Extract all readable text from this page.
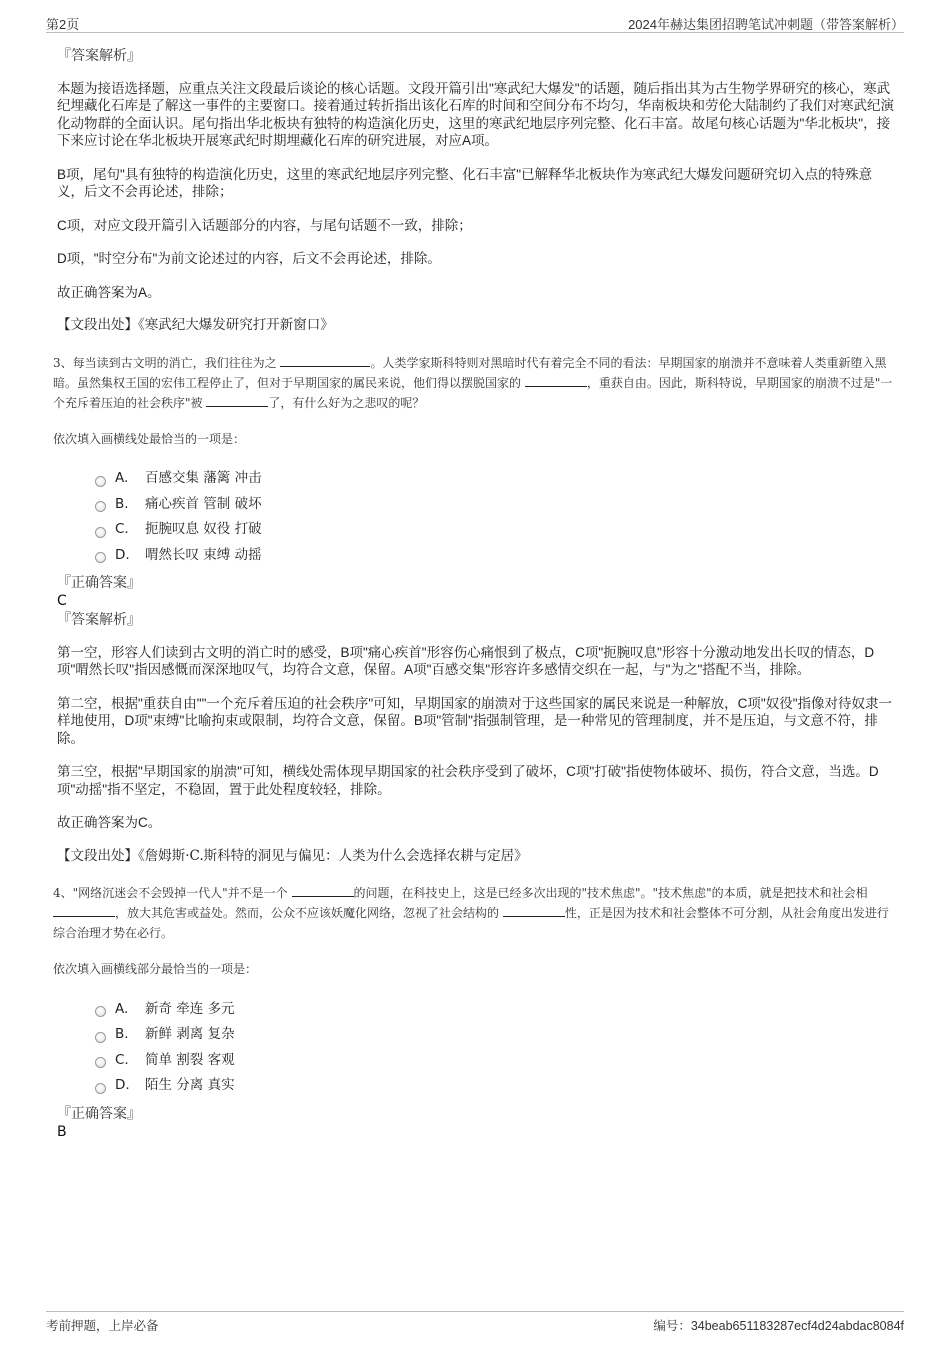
第2页	2024年赫达集团招聘笔试冲刺题（带答案解析）

『答案解析』

本题为接语选择题，应重点关注文段最后谈论的核心话题。文段开篇引出"寒武纪大爆发"的话题，随后指出其为古生物学界研究的核心，寒武纪埋藏化石库是了解这一事件的主要窗口。接着通过转折指出该化石库的时间和空间分布不均匀，华南板块和劳伦大陆制约了我们对寒武纪演化动物群的全面认识。尾句指出华北板块有独特的构造演化历史，这里的寒武纪地层序列完整、化石丰富。故尾句核心话题为"华北板块"，接下来应讨论在华北板块开展寒武纪时期埋藏化石库的研究进展，对应A项。

B项，尾句"具有独特的构造演化历史，这里的寒武纪地层序列完整、化石丰富"已解释华北板块作为寒武纪大爆发问题研究切入点的特殊意义，后文不会再论述，排除；

C项，对应文段开篇引入话题部分的内容，与尾句话题不一致，排除；

D项，"时空分布"为前文论述过的内容，后文不会再论述，排除。

故正确答案为A。

【文段出处】《寒武纪大爆发研究打开新窗口》

3、每当读到古文明的消亡，我们往往为之	。人类学家斯科特则对黑暗时代有着完全不同的看法：早期国家的崩溃并不意味着人类重新堕入黑暗。虽然集权王国的宏伟工程停止了，但对于早期国家的属民来说，他们得以摆脱国家的	，重获自由。因此，斯科特说，早期国家的崩溃不过是"一个充斥着压迫的社会秩序"被	了，有什么好为之悲叹的呢？

依次填入画横线处最恰当的一项是：

A.	百感交集 藩篱 冲击
B.	痛心疾首 管制 破坏
C.	扼腕叹息 奴役 打破
D.	喟然长叹 束缚 动摇

『正确答案』

C

『答案解析』

第一空，形容人们读到古文明的消亡时的感受，B项"痛心疾首"形容伤心痛恨到了极点，C项"扼腕叹息"形容十分激动地发出长叹的情态，D项"喟然长叹"指因感慨而深深地叹气，均符合文意，保留。A项"百感交集"形容许多感情交织在一起，与"为之"搭配不当，排除。

第二空，根据"重获自由""一个充斥着压迫的社会秩序"可知，早期国家的崩溃对于这些国家的属民来说是一种解放，C项"奴役"指像对待奴隶一样地使用，D项"束缚"比喻拘束或限制，均符合文意，保留。B项"管制"指强制管理，是一种常见的管理制度，并不是压迫，与文意不符，排除。

第三空，根据"早期国家的崩溃"可知，横线处需体现早期国家的社会秩序受到了破坏，C项"打破"指使物体破坏、损伤，符合文意，当选。D项"动摇"指不坚定，不稳固，置于此处程度较轻，排除。

故正确答案为C。

【文段出处】《詹姆斯·C.斯科特的洞见与偏见：人类为什么会选择农耕与定居》

4、"网络沉迷会不会毁掉一代人"并不是一个	的问题，在科技史上，这是已经多次出现的"技术焦虑"。"技术焦虑"的本质，就是把技术和社会相 ，放大其危害或益处。然而，公众不应该妖魔化网络，忽视了社会结构的	性，正是因为技术和社会整体不可分割，从社会角度出发进行综合治理才势在必行。

依次填入画横线部分最恰当的一项是：

A.	新奇 牵连 多元
B.	新鲜 剥离 复杂
C.	简单 割裂 客观
D.	陌生 分离 真实

『正确答案』

B

考前押题，上岸必备	编号：34beab651183287ecf4d24abdac8084f
